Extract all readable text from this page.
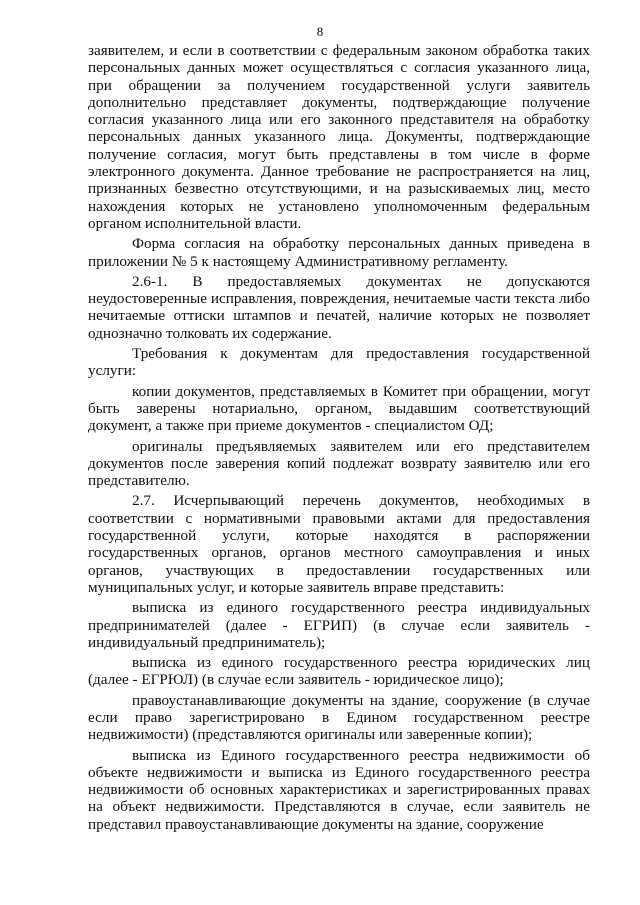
8

заявителем, и если в соответствии с федеральным законом обработка таких персональных данных может осуществляться с согласия указанного лица, при обращении за получением государственной услуги заявитель дополнительно представляет документы, подтверждающие получение согласия указанного лица или его законного представителя на обработку персональных данных указанного лица. Документы, подтверждающие получение согласия, могут быть представлены в том числе в форме электронного документа. Данное требование не распространяется на лиц, признанных безвестно отсутствующими, и на разыскиваемых лиц, место нахождения которых не установлено уполномоченным федеральным органом исполнительной власти.

Форма согласия на обработку персональных данных приведена в приложении № 5 к настоящему Административному регламенту.

2.6-1. В предоставляемых документах не допускаются неудостоверенные исправления, повреждения, нечитаемые части текста либо нечитаемые оттиски штампов и печатей, наличие которых не позволяет однозначно толковать их содержание.

Требования к документам для предоставления государственной услуги:

копии документов, представляемых в Комитет при обращении, могут быть заверены нотариально, органом, выдавшим соответствующий документ, а также при приеме документов - специалистом ОД;

оригиналы предъявляемых заявителем или его представителем документов после заверения копий подлежат возврату заявителю или его представителю.

2.7. Исчерпывающий перечень документов, необходимых в соответствии с нормативными правовыми актами для предоставления государственной услуги, которые находятся в распоряжении государственных органов, органов местного самоуправления и иных органов, участвующих в предоставлении государственных или муниципальных услуг, и которые заявитель вправе представить:

выписка из единого государственного реестра индивидуальных предпринимателей (далее - ЕГРИП) (в случае если заявитель - индивидуальный предприниматель);

выписка из единого государственного реестра юридических лиц (далее - ЕГРЮЛ) (в случае если заявитель - юридическое лицо);

правоустанавливающие документы на здание, сооружение (в случае если право зарегистрировано в Едином государственном реестре недвижимости) (представляются оригиналы или заверенные копии);

выписка из Единого государственного реестра недвижимости об объекте недвижимости и выписка из Единого государственного реестра недвижимости об основных характеристиках и зарегистрированных правах на объект недвижимости. Представляются в случае, если заявитель не представил правоустанавливающие документы на здание, сооружение
